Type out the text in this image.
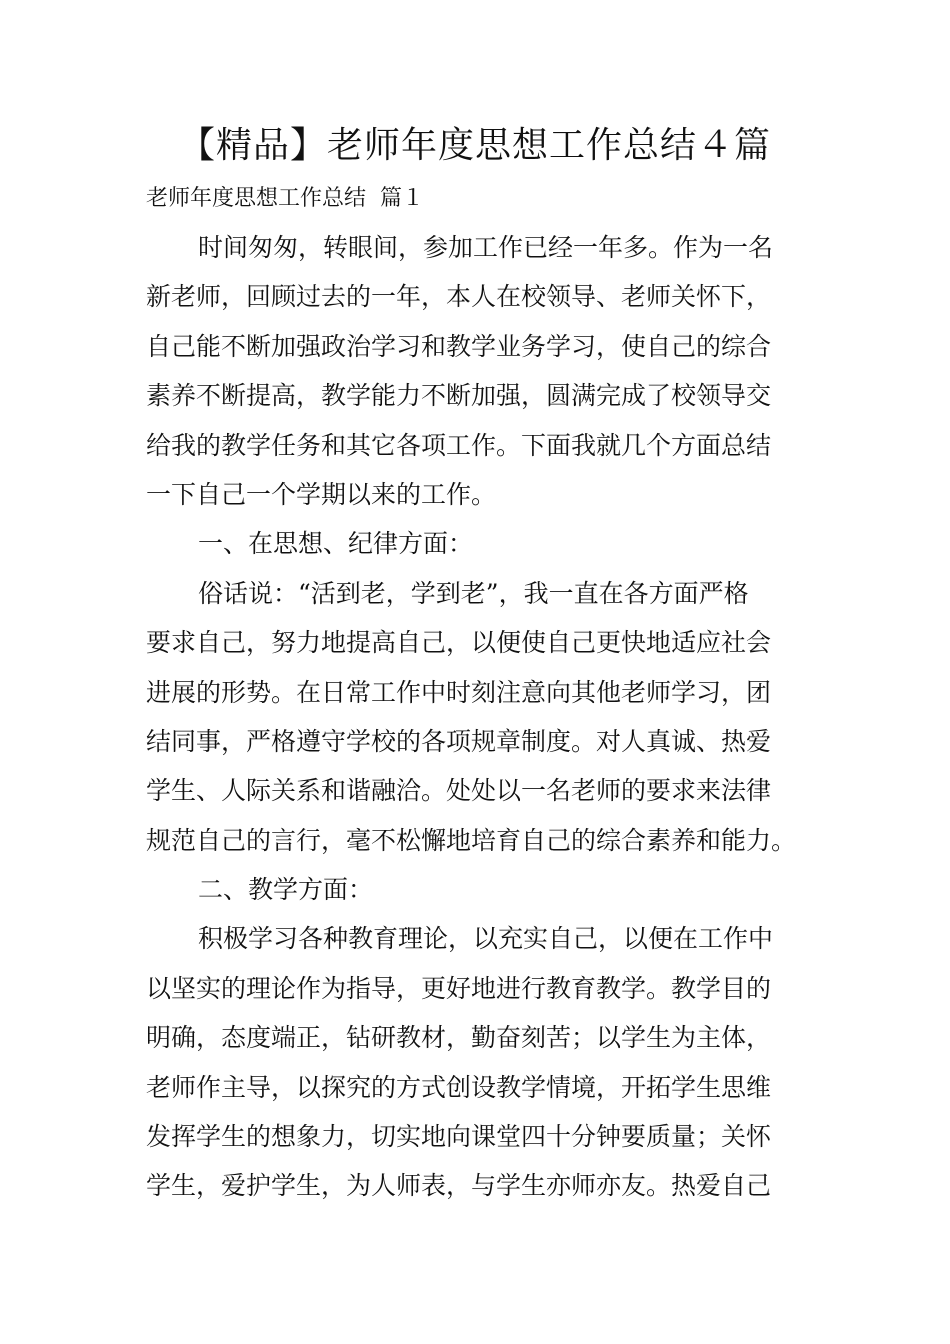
【精品】老师年度思想工作总结４篇
老师年度思想工作总结  篇１
时间匆匆，转眼间，参加工作已经一年多。作为一名
新老师，回顾过去的一年，本人在校领导、老师关怀下，
自己能不断加强政治学习和教学业务学习，使自己的综合
素养不断提高，教学能力不断加强，圆满完成了校领导交
给我的教学任务和其它各项工作。下面我就几个方面总结
一下自己一个学期以来的工作。
一、在思想、纪律方面：
俗话说：“活到老，学到老”，我一直在各方面严格
要求自己，努力地提高自己，以便使自己更快地适应社会
进展的形势。在日常工作中时刻注意向其他老师学习，团
结同事，严格遵守学校的各项规章制度。对人真诚、热爱
学生、人际关系和谐融洽。处处以一名老师的要求来法律
规范自己的言行，毫不松懈地培育自己的综合素养和能力。
二、教学方面：
积极学习各种教育理论，以充实自己，以便在工作中
以坚实的理论作为指导，更好地进行教育教学。教学目的
明确，态度端正，钻研教材，勤奋刻苦；以学生为主体，
老师作主导，以探究的方式创设教学情境，开拓学生思维
发挥学生的想象力，切实地向课堂四十分钟要质量；关怀
学生，爱护学生，为人师表，与学生亦师亦友。热爱自己
